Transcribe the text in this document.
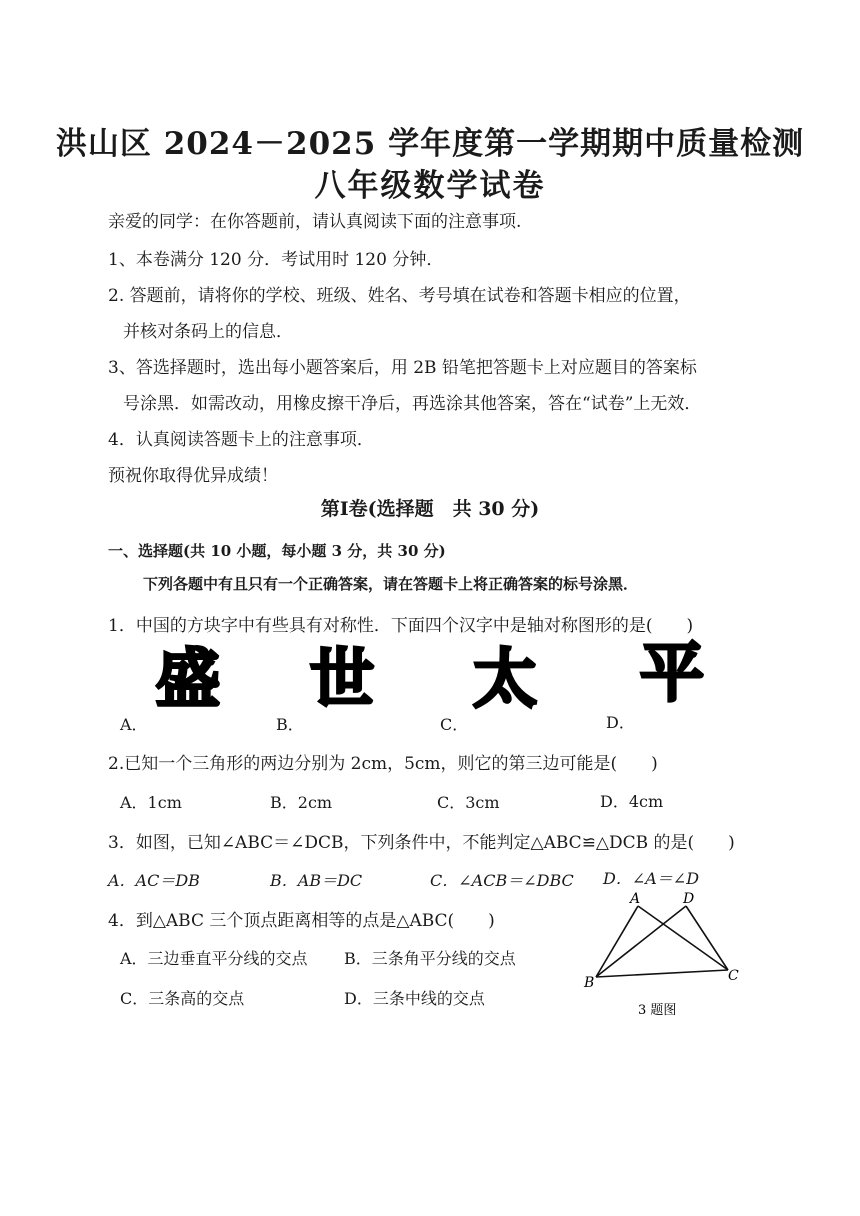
洪山区 2024－2025 学年度第一学期期中质量检测
八年级数学试卷
亲爱的同学：在你答题前，请认真阅读下面的注意事项.
1、本卷满分 120 分．考试用时 120 分钟．
2. 答题前，请将你的学校、班级、姓名、考号填在试卷和答题卡相应的位置，
并核对条码上的信息．
3、答选择题时，选出每小题答案后，用 2B 铅笔把答题卡上对应题目的答案标
号涂黑．如需改动，用橡皮擦干净后，再选涂其他答案，答在“试卷”上无效．
4．认真阅读答题卡上的注意事项．
预祝你取得优异成绩！
第Ⅰ卷(选择题　共 30 分)
一、选择题(共 10 小题，每小题 3 分，共 30 分)
下列各题中有且只有一个正确答案，请在答题卡上将正确答案的标号涂黑．
1．中国的方块字中有些具有对称性．下面四个汉字中是轴对称图形的是(　　)
盛
A．
世
B．
太
C．
平
D．
2.已知一个三角形的两边分别为 2cm，5cm，则它的第三边可能是(　　)
A．1cm	B．2cm	C．3cm	D．4cm
3．如图，已知∠ABC＝∠DCB，下列条件中，不能判定△ABC≌△DCB 的是(　　)
A．AC＝DB	B．AB＝DC	C．∠ACB＝∠DBC D．∠A＝∠D
4．到△ABC 三个顶点距离相等的点是△ABC(　　)
A．三边垂直平分线的交点 B．三条角平分线的交点
C．三条高的交点	D．三条中线的交点
A	D
B	C
3 题图
